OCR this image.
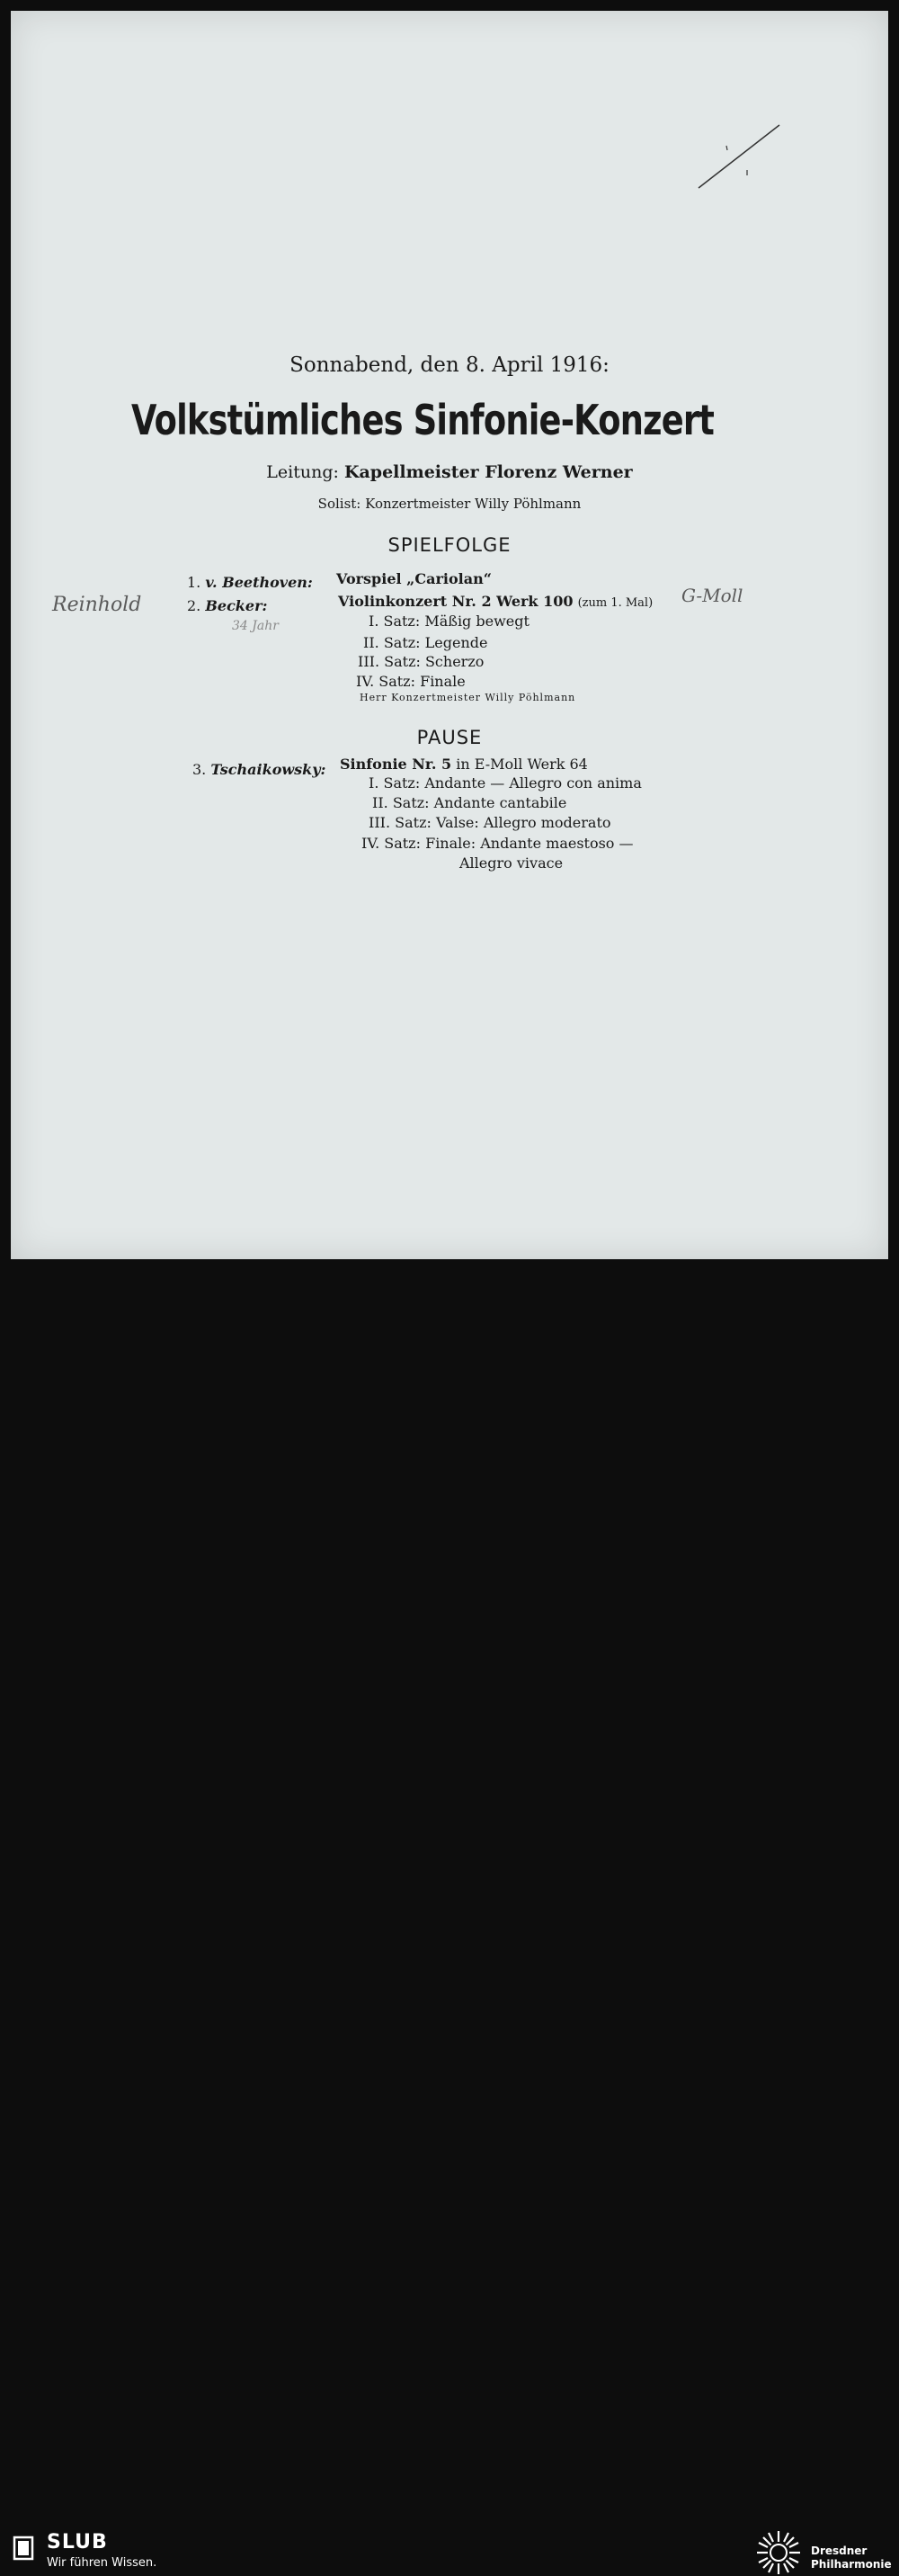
Sonnabend, den 8. April 1916:
Volkstümliches Sinfonie-Konzert
Leitung: Kapellmeister Florenz Werner
Solist: Konzertmeister Willy Pöhlmann
SPIELFOLGE
1. v. Beethoven: Vorspiel „Cariolan“
2. Becker:	Violinkonzert Nr. 2 Werk 100 (zum 1. Mal)
I. Satz: Mäßig bewegt
II. Satz: Legende
III. Satz: Scherzo
IV. Satz: Finale
Herr Konzertmeister Willy Pöhlmann
PAUSE
3. Tschaikowsky: Sinfonie Nr. 5 in E-Moll Werk 64
I. Satz: Andante — Allegro con anima
II. Satz: Andante cantabile
III. Satz: Valse: Allegro moderato
IV. Satz: Finale: Andante maestoso —
Allegro vivace
Reinhold
34 Jahr
G-Moll
SLUB
Wir führen Wissen.
Dresdner
Philharmonie
